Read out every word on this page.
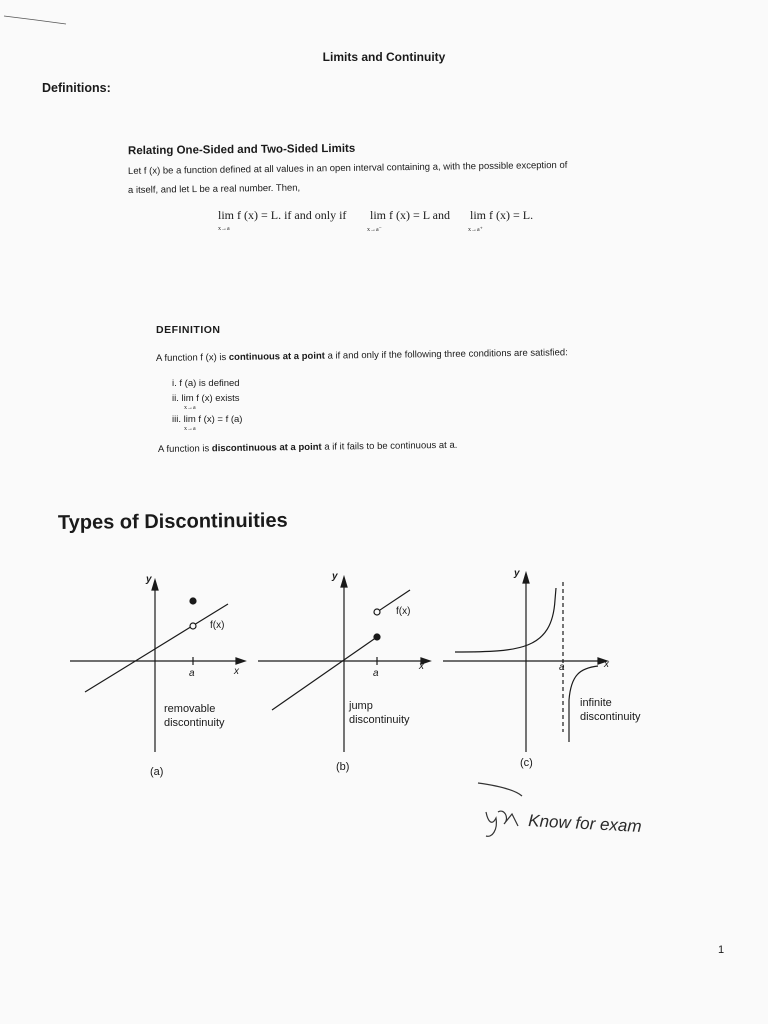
Limits and Continuity
Definitions:
Relating One-Sided and Two-Sided Limits
Let f (x) be a function defined at all values in an open interval containing a, with the possible exception of
a itself, and let L be a real number. Then,
lim f (x) = L. if and only if
x→a
lim f (x) = L and
x→a⁻
lim f (x) = L.
x→a⁺
DEFINITION
A function f (x) is continuous at a point a if and only if the following three conditions are satisfied:
i. f (a) is defined
ii. lim f (x) exists
x→a
iii. lim f (x) = f (a)
x→a
A function is discontinuous at a point a if it fails to be continuous at a.
Types of Discontinuities
y
x
a
f(x)
removable
discontinuity
(a)
y
x
a
f(x)
jump
discontinuity
(b)
y
x
a
infinite
discontinuity
(c)
Know for exam
1
